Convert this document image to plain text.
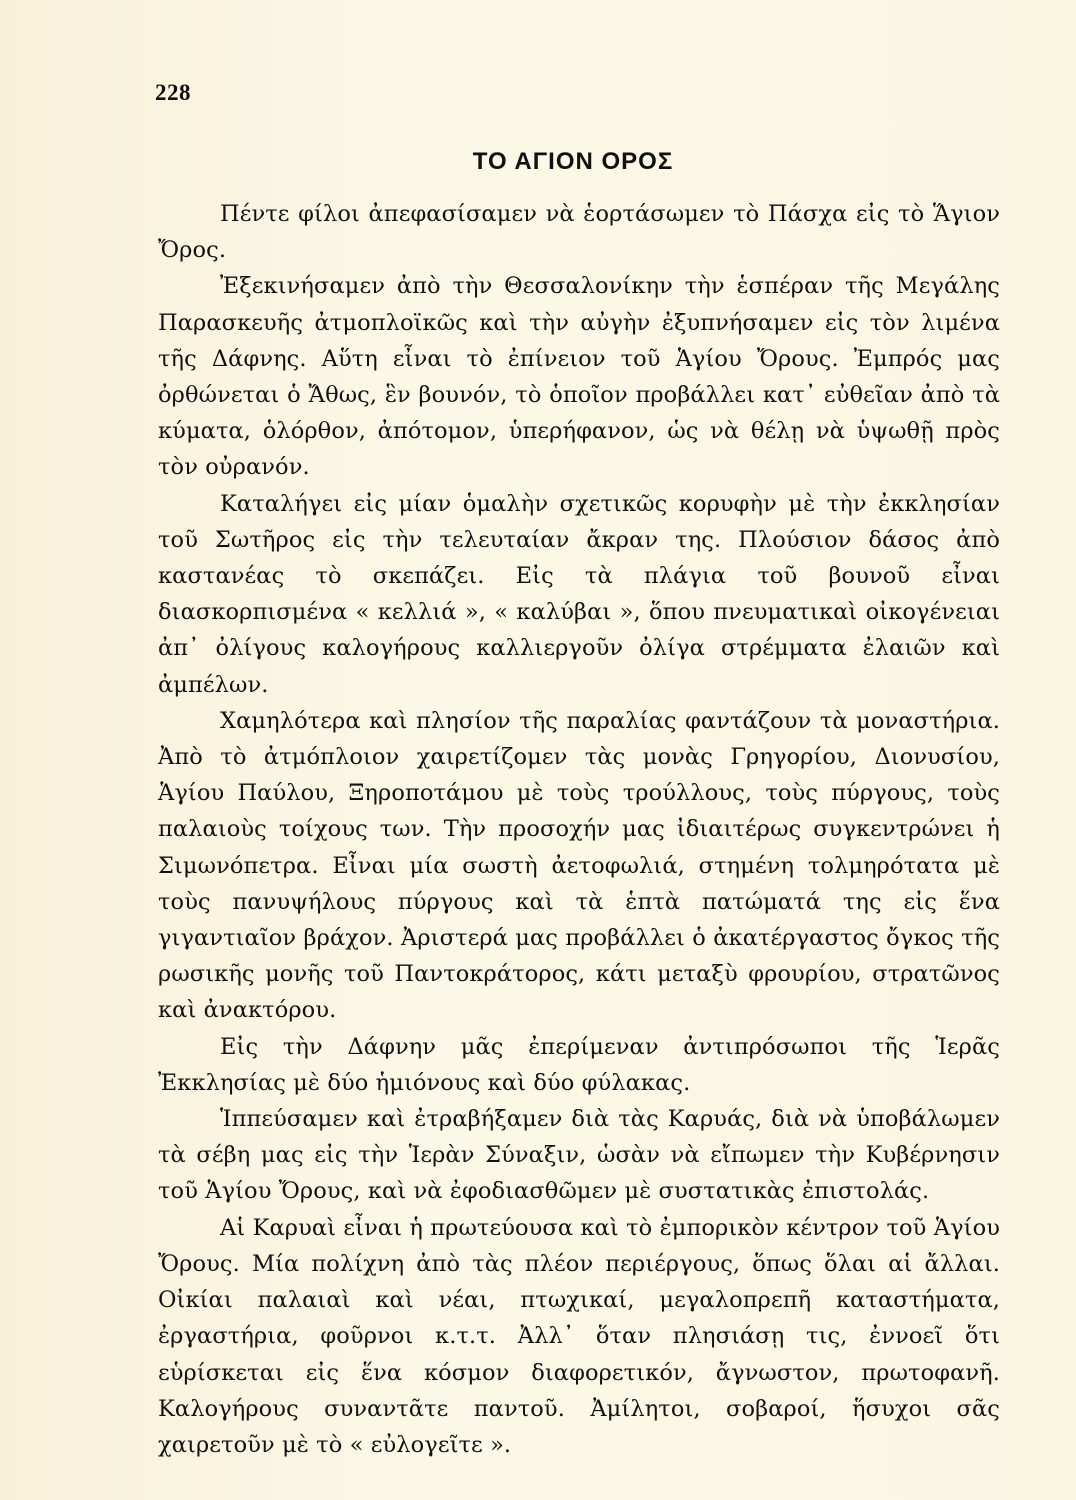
228
ΤΟ ΑΓΙΟΝ ΟΡΟΣ

Πέντε φίλοι ἀπεφασίσαμεν νὰ ἑορτάσωμεν τὸ Πάσχα εἰς τὸ Ἅγιον Ὄρος.

Ἐξεκινήσαμεν ἀπὸ τὴν Θεσσαλονίκην τὴν ἑσπέραν τῆς Μεγάλης Παρασκευῆς ἀτμοπλοϊκῶς καὶ τὴν αὐγὴν ἐξυπνήσαμεν εἰς τὸν λιμένα τῆς Δάφνης. Αὕτη εἶναι τὸ ἐπίνειον τοῦ Ἁγίου Ὄρους. Ἐμπρός μας ὀρθώνεται ὁ Ἄθως, ἓν βουνόν, τὸ ὁποῖον προβάλλει κατ᾽ εὐθεῖαν ἀπὸ τὰ κύματα, ὁλόρθον, ἀπότομον, ὑπερήφανον, ὡς νὰ θέλῃ νὰ ὑψωθῇ πρὸς τὸν οὐρανόν.

Καταλήγει εἰς μίαν ὁμαλὴν σχετικῶς κορυφὴν μὲ τὴν ἐκκλησίαν τοῦ Σωτῆρος εἰς τὴν τελευταίαν ἄκραν της. Πλούσιον δάσος ἀπὸ καστανέας τὸ σκεπάζει. Εἰς τὰ πλάγια τοῦ βουνοῦ εἶναι διασκορπισμένα « κελλιά », « καλύβαι », ὅπου πνευματικαὶ οἰκογένειαι ἀπ᾽ ὀλίγους καλογήρους καλλιεργοῦν ὀλίγα στρέμματα ἐλαιῶν καὶ ἀμπέλων.

Χαμηλότερα καὶ πλησίον τῆς παραλίας φαντάζουν τὰ μοναστήρια. Ἀπὸ τὸ ἀτμόπλοιον χαιρετίζομεν τὰς μονὰς Γρηγορίου, Διονυσίου, Ἁγίου Παύλου, Ξηροποτάμου μὲ τοὺς τρούλλους, τοὺς πύργους, τοὺς παλαιοὺς τοίχους των. Τὴν προσοχήν μας ἰδιαιτέρως συγκεντρώνει ἡ Σιμωνόπετρα. Εἶναι μία σωστὴ ἀετοφωλιά, στημένη τολμηρότατα μὲ τοὺς πανυψήλους πύργους καὶ τὰ ἑπτὰ πατώματά της εἰς ἕνα γιγαντιαῖον βράχον. Ἀριστερά μας προβάλλει ὁ ἀκατέργαστος ὄγκος τῆς ρωσικῆς μονῆς τοῦ Παντοκράτορος, κάτι μεταξὺ φρουρίου, στρατῶνος καὶ ἀνακτόρου.

Εἰς τὴν Δάφνην μᾶς ἐπερίμεναν ἀντιπρόσωποι τῆς Ἱερᾶς Ἐκκλησίας μὲ δύο ἡμιόνους καὶ δύο φύλακας.

Ἱππεύσαμεν καὶ ἐτραβήξαμεν διὰ τὰς Καρυάς, διὰ νὰ ὑποβάλωμεν τὰ σέβη μας εἰς τὴν Ἱερὰν Σύναξιν, ὡσὰν νὰ εἴπωμεν τὴν Κυβέρνησιν τοῦ Ἁγίου Ὄρους, καὶ νὰ ἐφοδιασθῶμεν μὲ συστατικὰς ἐπιστολάς.

Αἱ Καρυαὶ εἶναι ἡ πρωτεύουσα καὶ τὸ ἐμπορικὸν κέντρον τοῦ Ἁγίου Ὄρους. Μία πολίχνη ἀπὸ τὰς πλέον περιέργους, ὅπως ὅλαι αἱ ἄλλαι. Οἰκίαι παλαιαὶ καὶ νέαι, πτωχικαί, μεγαλοπρεπῆ καταστήματα, ἐργαστήρια, φοῦρνοι κ.τ.τ. Ἀλλ᾽ ὅταν πλησιάσῃ τις, ἐννοεῖ ὅτι εὑρίσκεται εἰς ἕνα κόσμον διαφορετικόν, ἄγνωστον, πρωτοφανῆ. Καλογήρους συναντᾶτε παντοῦ. Ἀμίλητοι, σοβαροί, ἥσυχοι σᾶς χαιρετοῦν μὲ τὸ « εὐλογεῖτε ».
